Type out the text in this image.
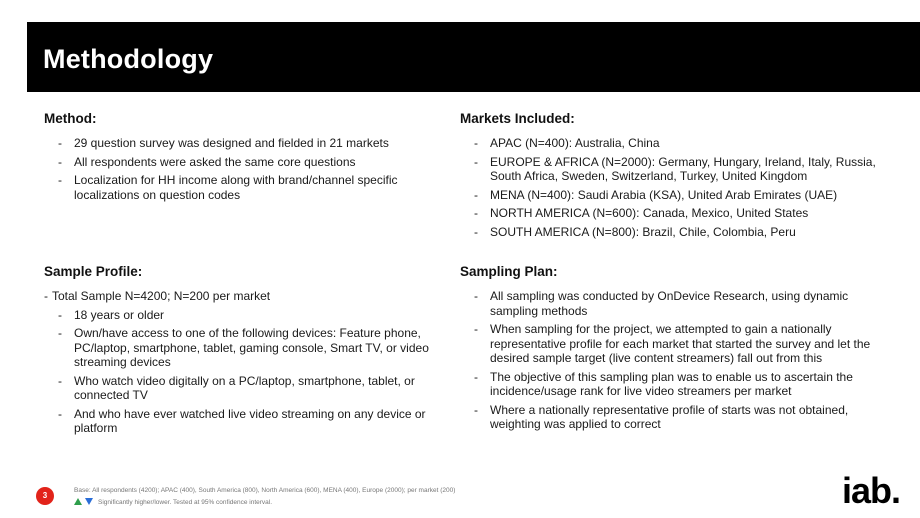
Methodology
Method:
- 29 question survey was designed and fielded in 21 markets
- All respondents were asked the same core questions
- Localization for HH income along with brand/channel specific localizations on question codes
Markets Included:
- APAC (N=400): Australia, China
- EUROPE & AFRICA (N=2000): Germany, Hungary, Ireland, Italy, Russia, South Africa, Sweden, Switzerland, Turkey, United Kingdom
- MENA (N=400): Saudi Arabia (KSA), United Arab Emirates (UAE)
- NORTH AMERICA (N=600): Canada, Mexico, United States
- SOUTH AMERICA (N=800): Brazil, Chile, Colombia, Peru
Sample Profile:
- Total Sample N=4200; N=200 per market
- 18 years or older
- Own/have access to one of the following devices: Feature phone, PC/laptop, smartphone, tablet, gaming console, Smart TV, or video streaming devices
- Who watch video digitally on a PC/laptop, smartphone, tablet, or connected TV
- And who have ever watched live video streaming on any device or platform
Sampling Plan:
- All sampling was conducted by OnDevice Research, using dynamic sampling methods
- When sampling for the project, we attempted to gain a nationally representative profile for each market that started the survey and let the desired sample target (live content streamers) fall out from this
- The objective of this sampling plan was to enable us to ascertain the incidence/usage rank for live video streamers per market
- Where a nationally representative profile of starts was not obtained, weighting was applied to correct
3
Base: All respondents (4200); APAC (400), South America (800), North America (600), MENA (400), Europe (2000); per market (200)
Significantly higher/lower. Tested at 95% confidence interval.	iab.
